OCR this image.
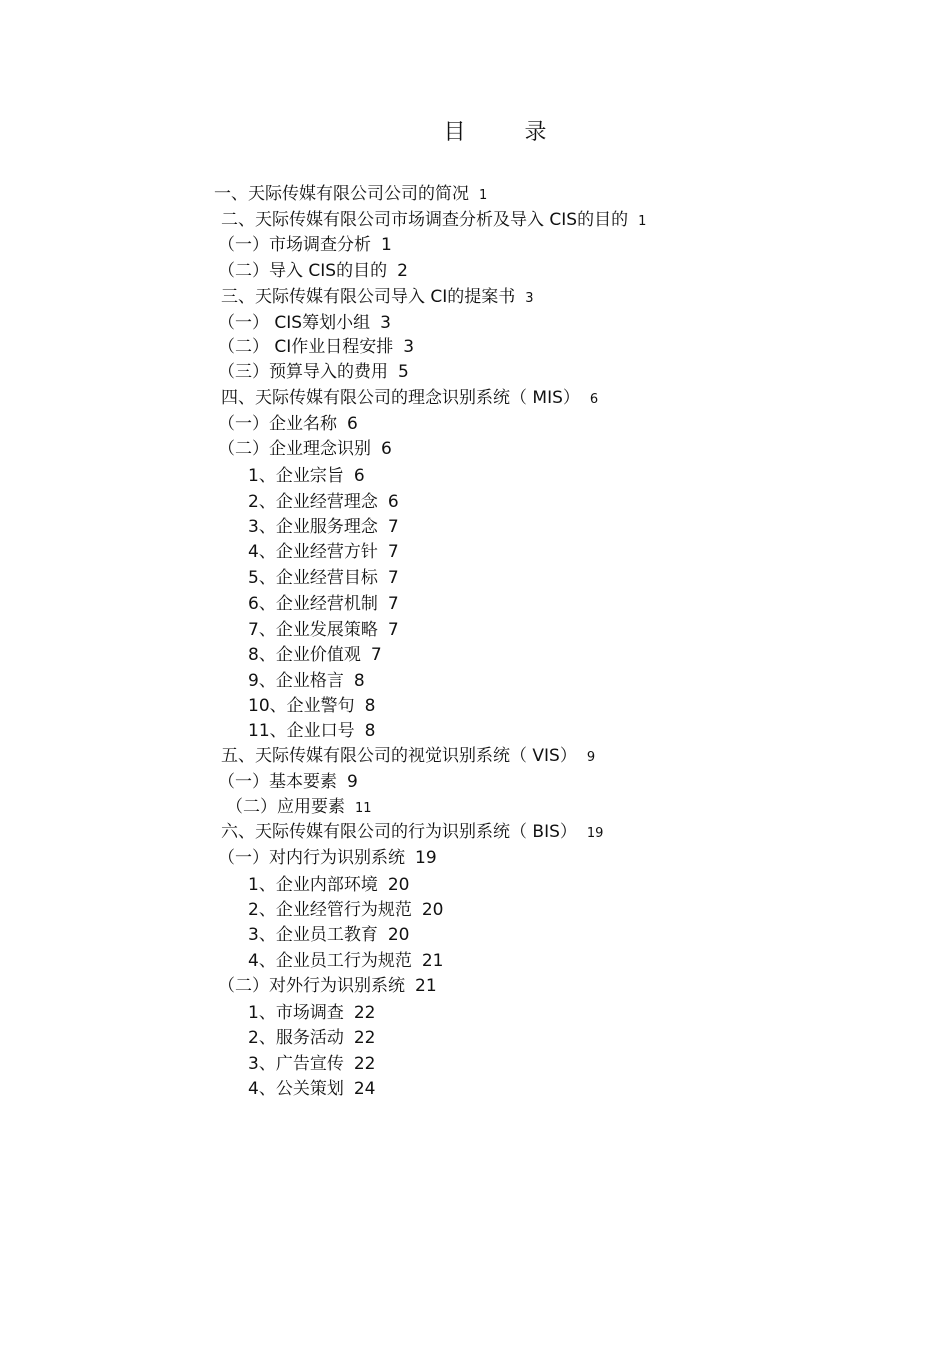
目 录
一、天际传媒有限公司公司的简况 1
二、天际传媒有限公司市场调查分析及导入 CIS的目的 1
（一）市场调查分析 1
（二）导入 CIS的目的 2
三、天际传媒有限公司导入 CI的提案书 3
（一） CIS筹划小组 3
（二） CI作业日程安排 3
（三）预算导入的费用 5
四、天际传媒有限公司的理念识别系统（ MIS） 6
（一）企业名称 6
（二）企业理念识别 6
1、企业宗旨 6
2、企业经营理念 6
3、企业服务理念 7
4、企业经营方针 7
5、企业经营目标 7
6、企业经营机制 7
7、企业发展策略 7
8、企业价值观 7
9、企业格言 8
10、企业警句 8
11、企业口号 8
五、天际传媒有限公司的视觉识别系统（ VIS） 9
（一）基本要素 9
（二）应用要素 11
六、天际传媒有限公司的行为识别系统（ BIS） 19
（一）对内行为识别系统 19
1、企业内部环境 20
2、企业经管行为规范 20
3、企业员工教育 20
4、企业员工行为规范 21
（二）对外行为识别系统 21
1、市场调查 22
2、服务活动 22
3、广告宣传 22
4、公关策划 24
